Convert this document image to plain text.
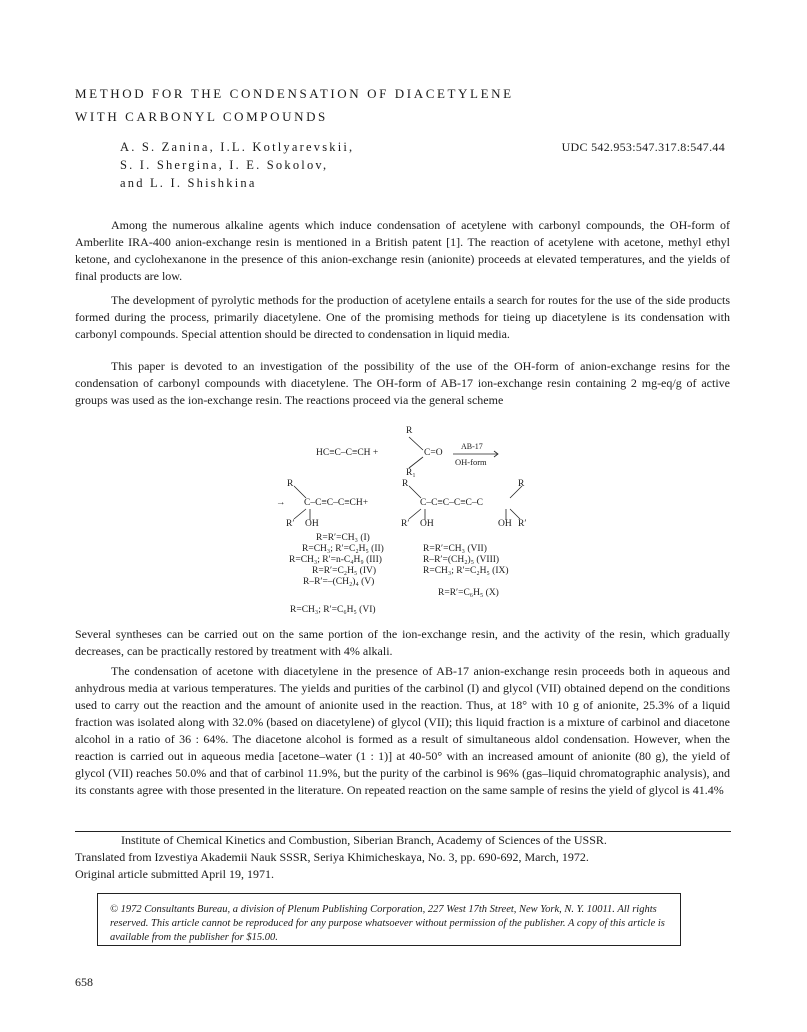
METHOD FOR THE CONDENSATION OF DIACETYLENE
WITH CARBONYL COMPOUNDS
A. S. Zanina, I.L. Kotlyarevskii,
S. I. Shergina, I. E. Sokolov,
and L. I. Shishkina
UDC 542.953:547.317.8:547.44

Among the numerous alkaline agents which induce condensation of acetylene with carbonyl compounds, the OH-form of Amberlite IRA-400 anion-exchange resin is mentioned in a British patent [1]. The reaction of acetylene with acetone, methyl ethyl ketone, and cyclohexanone in the presence of this anion-exchange resin (anionite) proceeds at elevated temperatures, and the yields of final products are low.

The development of pyrolytic methods for the production of acetylene entails a search for routes for the use of the side products formed during the process, primarily diacetylene. One of the promising methods for tieing up diacetylene is its condensation with carbonyl compounds. Special attention should be directed to condensation in liquid media.

This paper is devoted to an investigation of the possibility of the use of the OH-form of anion-exchange resins for the condensation of carbonyl compounds with diacetylene. The OH-form of AB-17 ion-exchange resin containing 2 mg-eq/g of active groups was used as the ion-exchange resin. The reactions proceed via the general scheme

R
HC≡C–C≡CH +	C=O
AB-17
OH-form
R₁
R	R	R
→ C–C≡C–C≡CH+	C–C≡C–C≡C–C
R′ OH	R′ OH	OH R′
R=R′=CH₃ (I)
R=CH₃; R′=C₂H₅ (II)
R=CH₃; R′=n-C₄H₉ (III)
R=R′=C₂H₅ (IV)
R–R′=–(CH₂)₄ (V)
R=CH₃; R′=C₆H₅ (VI)
R=R′=CH₃ (VII)
R–R′=(CH₂)₅ (VIII)
R=CH₃; R′=C₂H₅ (IX)
R=R′=C₆H₅ (X)

Several syntheses can be carried out on the same portion of the ion-exchange resin, and the activity of the resin, which gradually decreases, can be practically restored by treatment with 4% alkali.

The condensation of acetone with diacetylene in the presence of AB-17 anion-exchange resin proceeds both in aqueous and anhydrous media at various temperatures. The yields and purities of the carbinol (I) and glycol (VII) obtained depend on the conditions used to carry out the reaction and the amount of anionite used in the reaction. Thus, at 18° with 10 g of anionite, 25.3% of a liquid fraction was isolated along with 32.0% (based on diacetylene) of glycol (VII); this liquid fraction is a mixture of carbinol and diacetone alcohol in a ratio of 36 : 64%. The diacetone alcohol is formed as a result of simultaneous aldol condensation. However, when the reaction is carried out in aqueous media [acetone–water (1 : 1)] at 40-50° with an increased amount of anionite (80 g), the yield of glycol (VII) reaches 50.0% and that of carbinol 11.9%, but the purity of the carbinol is 96% (gas–liquid chromatographic analysis), and its constants agree with those presented in the literature. On repeated reaction on the same sample of resins the yield of glycol is 41.4%

Institute of Chemical Kinetics and Combustion, Siberian Branch, Academy of Sciences of the USSR.

Translated from Izvestiya Akademii Nauk SSSR, Seriya Khimicheskaya, No. 3, pp. 690-692, March, 1972.

Original article submitted April 19, 1971.

© 1972 Consultants Bureau, a division of Plenum Publishing Corporation, 227 West 17th Street, New York, N. Y. 10011. All rights reserved. This article cannot be reproduced for any purpose whatsoever without permission of the publisher. A copy of this article is available from the publisher for $15.00.
658
